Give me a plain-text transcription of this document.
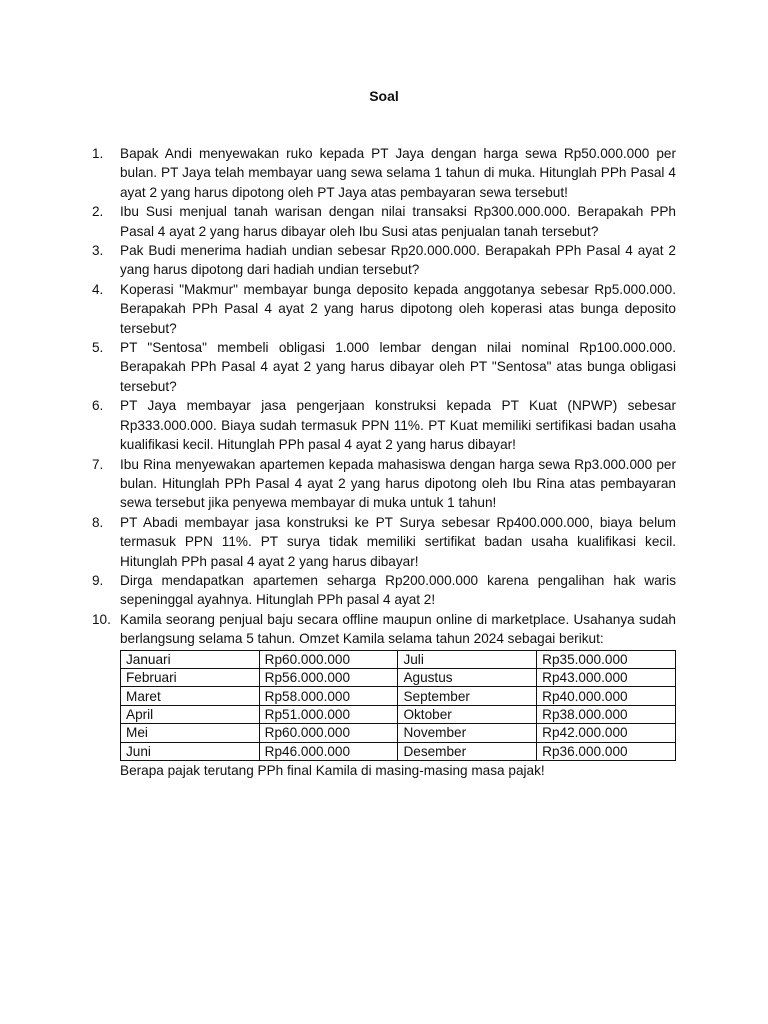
Soal
1. Bapak Andi menyewakan ruko kepada PT Jaya dengan harga sewa Rp50.000.000 per bulan. PT Jaya telah membayar uang sewa selama 1 tahun di muka. Hitunglah PPh Pasal 4 ayat 2 yang harus dipotong oleh PT Jaya atas pembayaran sewa tersebut!
2. Ibu Susi menjual tanah warisan dengan nilai transaksi Rp300.000.000. Berapakah PPh Pasal 4 ayat 2 yang harus dibayar oleh Ibu Susi atas penjualan tanah tersebut?
3. Pak Budi menerima hadiah undian sebesar Rp20.000.000. Berapakah PPh Pasal 4 ayat 2 yang harus dipotong dari hadiah undian tersebut?
4. Koperasi "Makmur" membayar bunga deposito kepada anggotanya sebesar Rp5.000.000. Berapakah PPh Pasal 4 ayat 2 yang harus dipotong oleh koperasi atas bunga deposito tersebut?
5. PT "Sentosa" membeli obligasi 1.000 lembar dengan nilai nominal Rp100.000.000. Berapakah PPh Pasal 4 ayat 2 yang harus dibayar oleh PT "Sentosa" atas bunga obligasi tersebut?
6. PT Jaya membayar jasa pengerjaan konstruksi kepada PT Kuat (NPWP) sebesar Rp333.000.000. Biaya sudah termasuk PPN 11%. PT Kuat memiliki sertifikasi badan usaha kualifikasi kecil. Hitunglah PPh pasal 4 ayat 2 yang harus dibayar!
7. Ibu Rina menyewakan apartemen kepada mahasiswa dengan harga sewa Rp3.000.000 per bulan. Hitunglah PPh Pasal 4 ayat 2 yang harus dipotong oleh Ibu Rina atas pembayaran sewa tersebut jika penyewa membayar di muka untuk 1 tahun!
8. PT Abadi membayar jasa konstruksi ke PT Surya sebesar Rp400.000.000, biaya belum termasuk PPN 11%. PT surya tidak memiliki sertifikat badan usaha kualifikasi kecil. Hitunglah PPh pasal 4 ayat 2 yang harus dibayar!
9. Dirga mendapatkan apartemen seharga Rp200.000.000 karena pengalihan hak waris sepeninggal ayahnya. Hitunglah PPh pasal 4 ayat 2!
10. Kamila seorang penjual baju secara offline maupun online di marketplace. Usahanya sudah berlangsung selama 5 tahun. Omzet Kamila selama tahun 2024 sebagai berikut:
Januari	Rp60.000.000	Juli	Rp35.000.000
Februari	Rp56.000.000	Agustus	Rp43.000.000
Maret	Rp58.000.000	September	Rp40.000.000
April	Rp51.000.000	Oktober	Rp38.000.000
Mei	Rp60.000.000	November	Rp42.000.000
Juni	Rp46.000.000	Desember	Rp36.000.000
Berapa pajak terutang PPh final Kamila di masing-masing masa pajak!
